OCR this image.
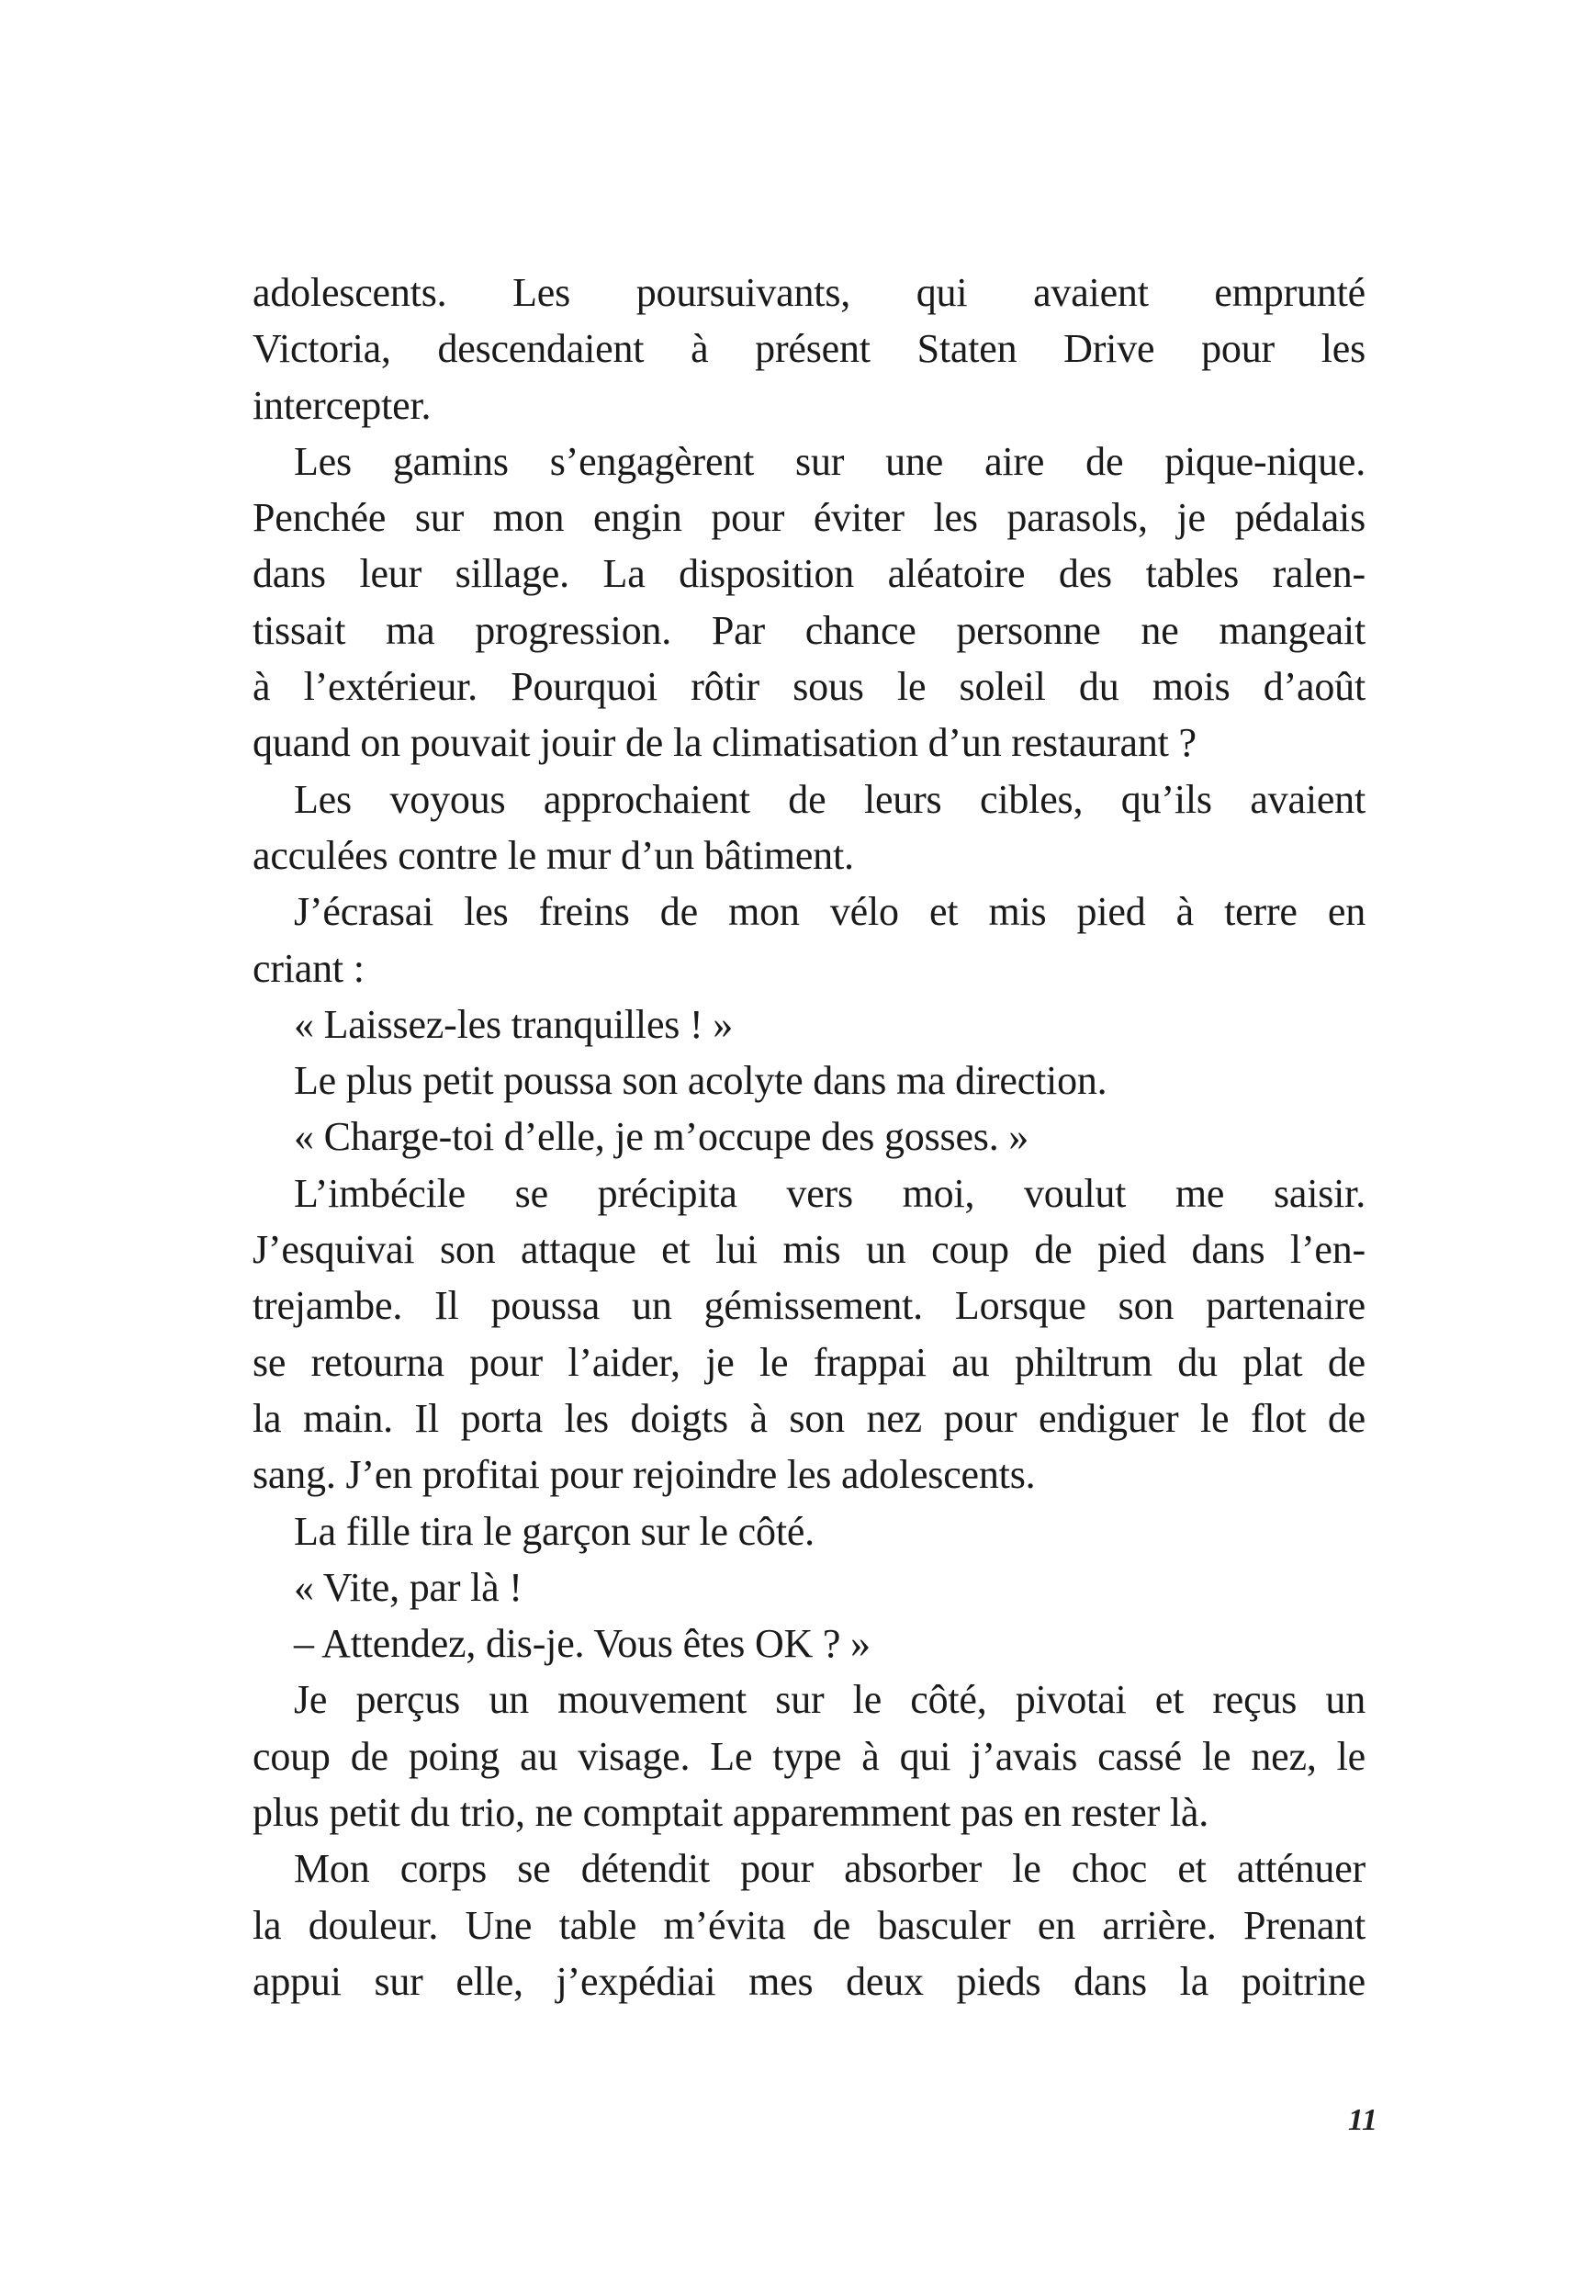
adolescents. Les poursuivants, qui avaient emprunté
Victoria, descendaient à présent Staten Drive pour les
intercepter.
Les gamins s’engagèrent sur une aire de pique-nique.
Penchée sur mon engin pour éviter les parasols, je pédalais
dans leur sillage. La disposition aléatoire des tables ralen-
tissait ma progression. Par chance personne ne mangeait
à l’extérieur. Pourquoi rôtir sous le soleil du mois d’août
quand on pouvait jouir de la climatisation d’un restaurant ?
Les voyous approchaient de leurs cibles, qu’ils avaient
acculées contre le mur d’un bâtiment.
J’écrasai les freins de mon vélo et mis pied à terre en
criant :
« Laissez-les tranquilles ! »
Le plus petit poussa son acolyte dans ma direction.
« Charge-toi d’elle, je m’occupe des gosses. »
L’imbécile se précipita vers moi, voulut me saisir.
J’esquivai son attaque et lui mis un coup de pied dans l’en-
trejambe. Il poussa un gémissement. Lorsque son partenaire
se retourna pour l’aider, je le frappai au philtrum du plat de
la main. Il porta les doigts à son nez pour endiguer le flot de
sang. J’en profitai pour rejoindre les adolescents.
La fille tira le garçon sur le côté.
« Vite, par là !
– Attendez, dis-je. Vous êtes OK ? »
Je perçus un mouvement sur le côté, pivotai et reçus un
coup de poing au visage. Le type à qui j’avais cassé le nez, le
plus petit du trio, ne comptait apparemment pas en rester là.
Mon corps se détendit pour absorber le choc et atténuer
la douleur. Une table m’évita de basculer en arrière. Prenant
appui sur elle, j’expédiai mes deux pieds dans la poitrine
11
